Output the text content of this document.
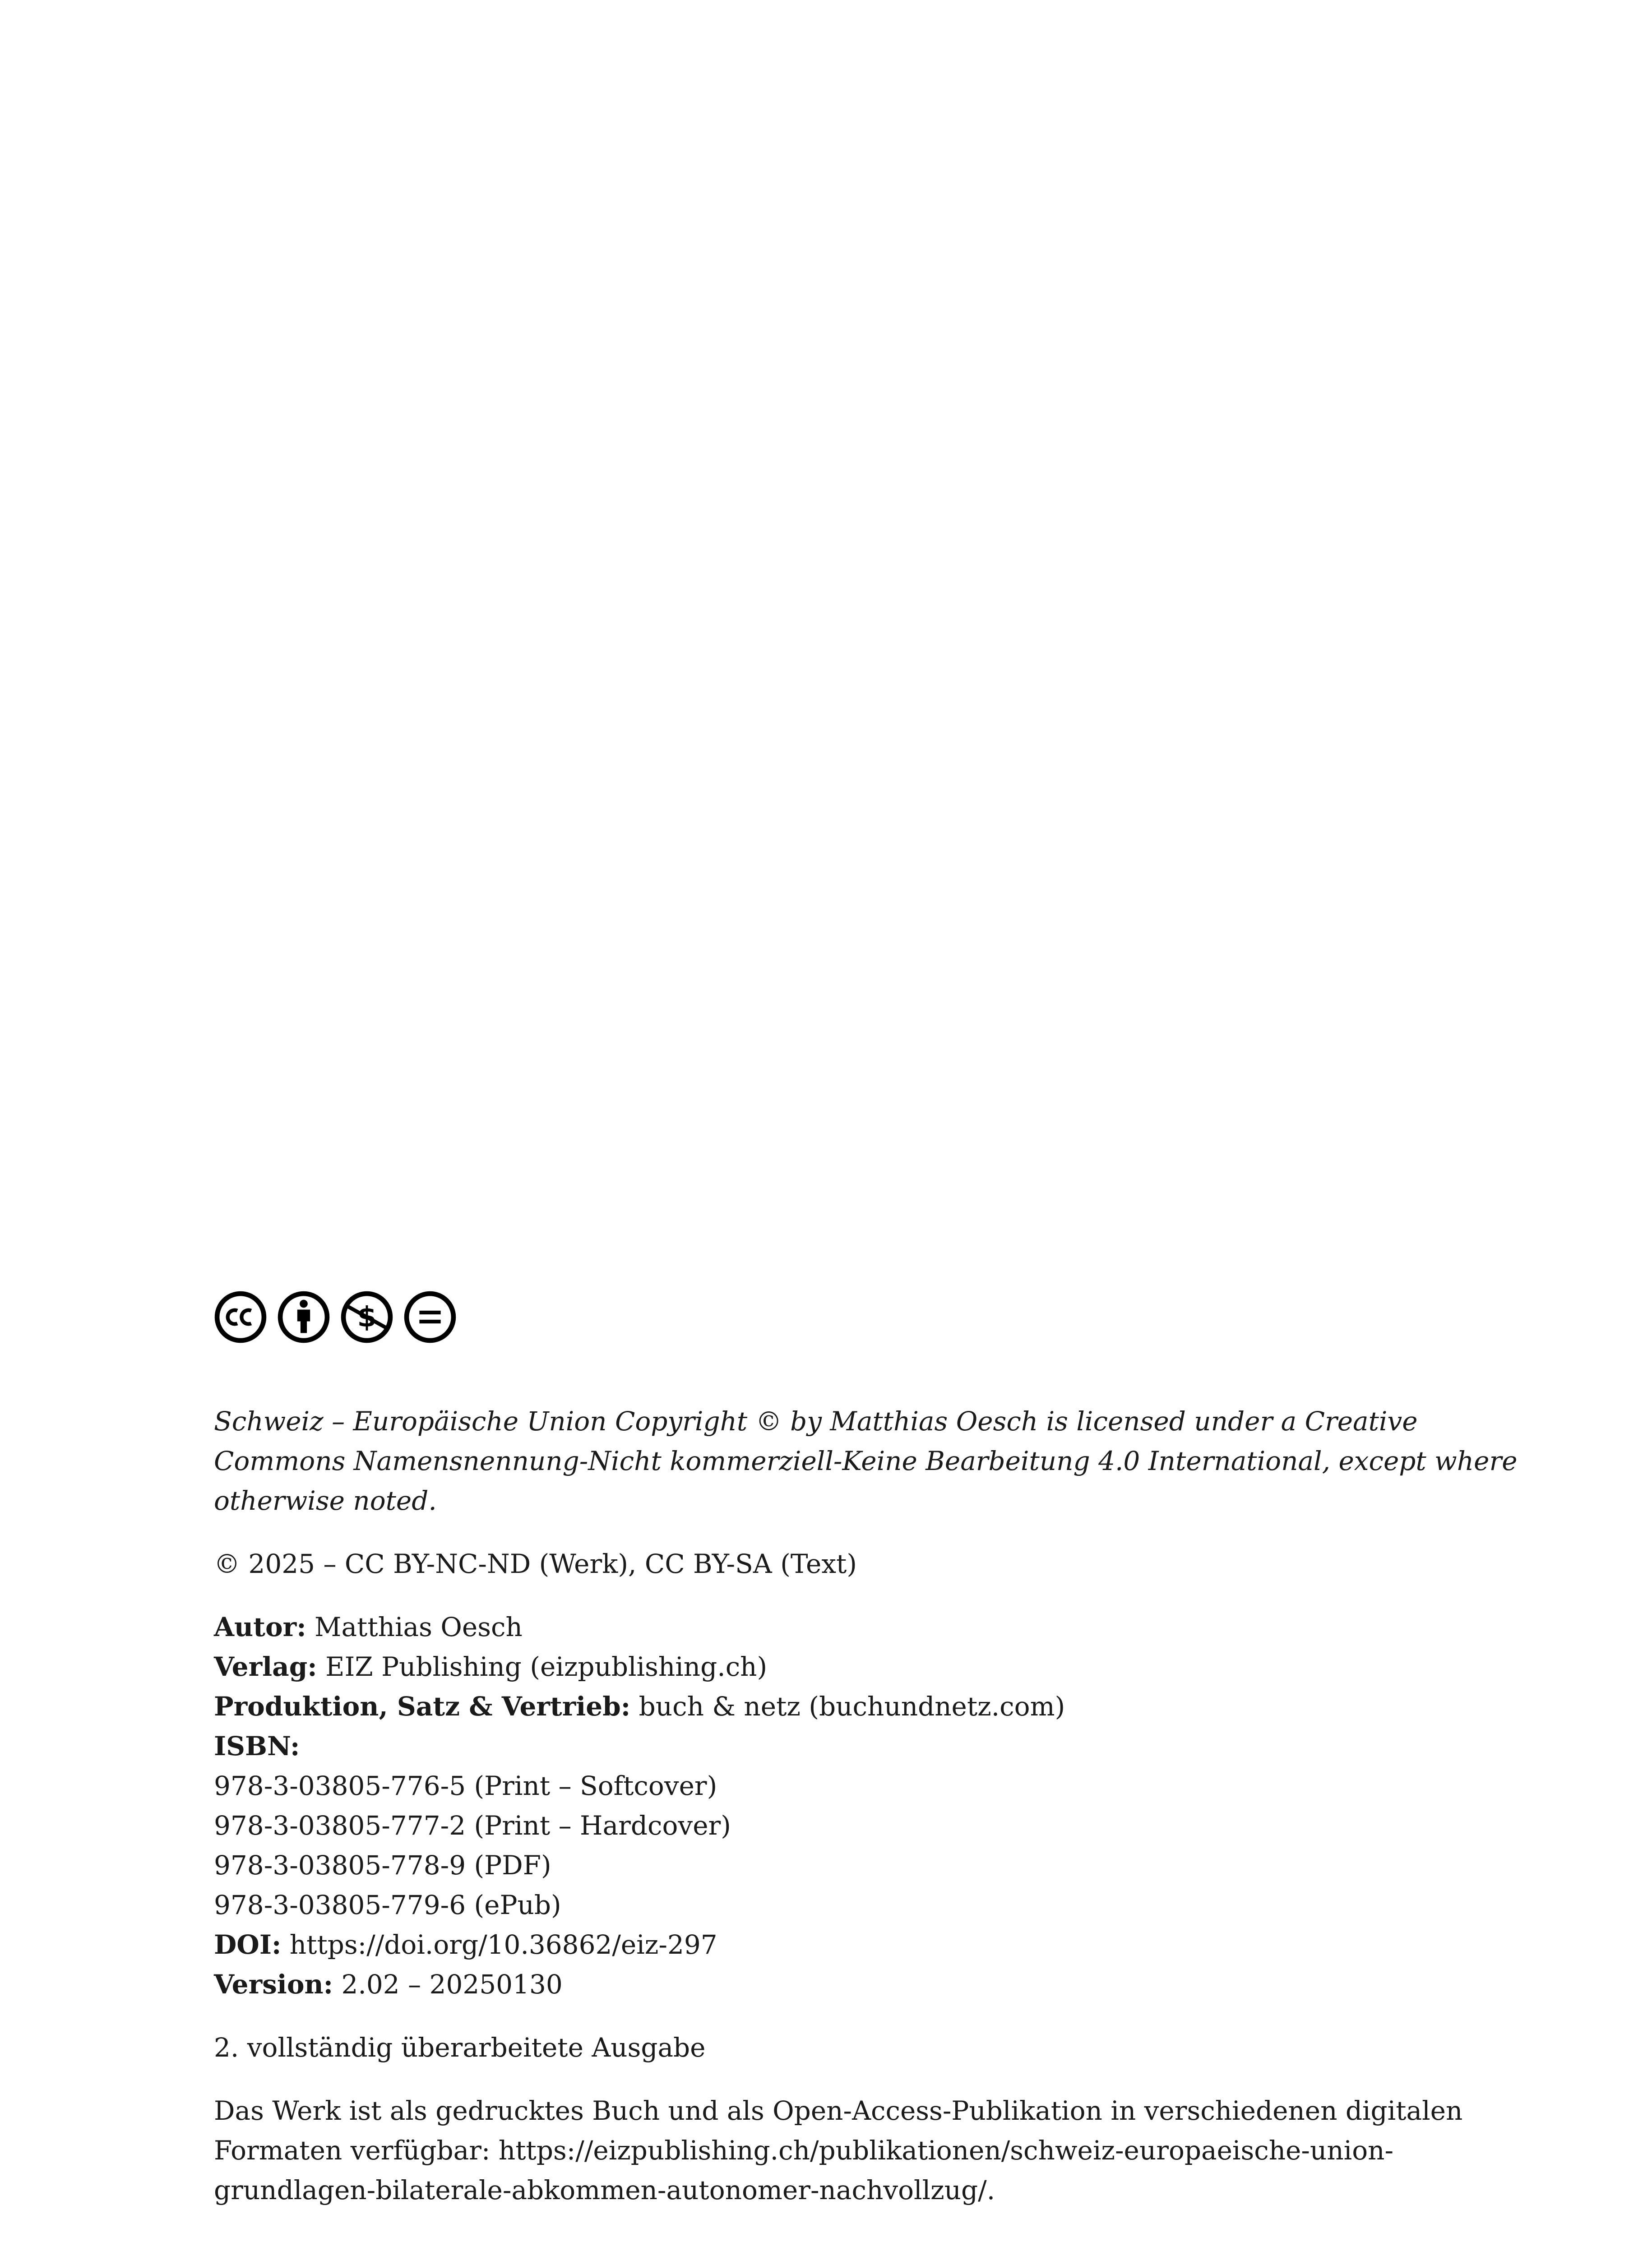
$

Schweiz – Europäische Union Copyright © by Matthias Oesch is licensed under a Creative Commons Namensnennung-Nicht kommerziell-Keine Bearbeitung 4.0 International, except where otherwise noted.

© 2025 – CC BY-NC-ND (Werk), CC BY-SA (Text)

Autor: Matthias Oesch
Verlag: EIZ Publishing (eizpublishing.ch)
Produktion, Satz & Vertrieb: buch & netz (buchundnetz.com)
ISBN:
978-3-03805-776-5 (Print – Softcover)
978-3-03805-777-2 (Print – Hardcover)
978-3-03805-778-9 (PDF)
978-3-03805-779-6 (ePub)
DOI: https://doi.org/10.36862/eiz-297
Version: 2.02 – 20250130

2. vollständig überarbeitete Ausgabe

Das Werk ist als gedrucktes Buch und als Open-Access-Publikation in verschiedenen digitalen Formaten verfügbar: https://eizpublishing.ch/publikationen/schweiz-europaeische-union-grundlagen-bilaterale-abkommen-autonomer-nachvollzug/.
